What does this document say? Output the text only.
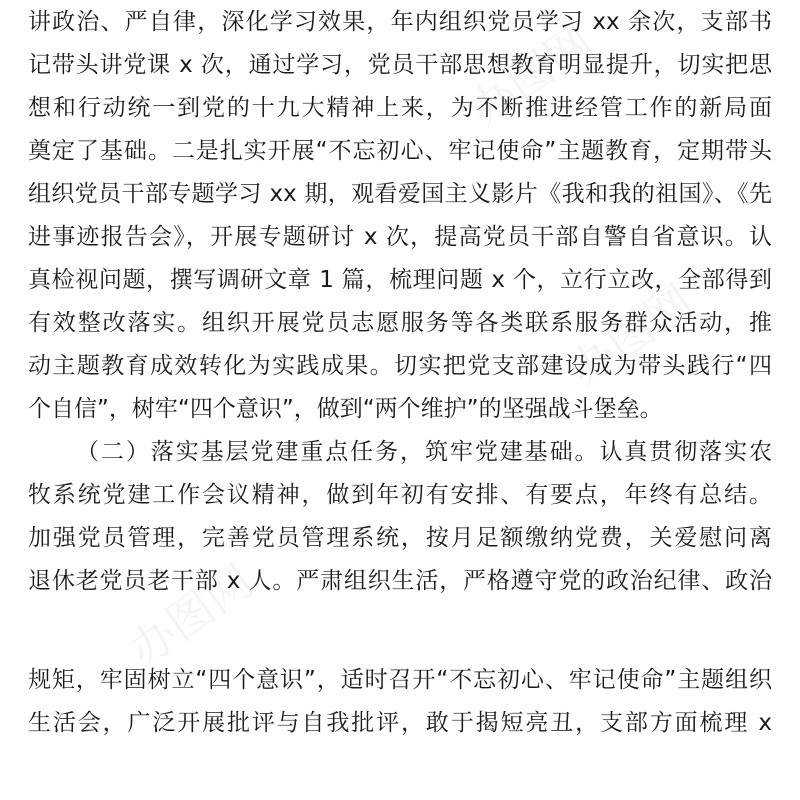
讲政治、严自律，深化学习效果，年内组织党员学习 xx 余次，支部书
记带头讲党课 x 次，通过学习，党员干部思想教育明显提升，切实把思
想和行动统一到党的十九大精神上来，为不断推进经管工作的新局面
奠定了基础。二是扎实开展“不忘初心、牢记使命”主题教育，定期带头
组织党员干部专题学习 xx 期，观看爱国主义影片《我和我的祖国》、《先
进事迹报告会》，开展专题研讨 x 次，提高党员干部自警自省意识。认
真检视问题，撰写调研文章 1 篇，梳理问题 x 个，立行立改，全部得到
有效整改落实。组织开展党员志愿服务等各类联系服务群众活动，推
动主题教育成效转化为实践成果。切实把党支部建设成为带头践行“四
个自信”，树牢“四个意识”，做到“两个维护”的坚强战斗堡垒。
（二）落实基层党建重点任务，筑牢党建基础。认真贯彻落实农
牧系统党建工作会议精神，做到年初有安排、有要点，年终有总结。
加强党员管理，完善党员管理系统，按月足额缴纳党费，关爱慰问离
退休老党员老干部 x 人。严肃组织生活，严格遵守党的政治纪律、政治
规矩，牢固树立“四个意识”，适时召开“不忘初心、牢记使命”主题组织
生活会，广泛开展批评与自我批评，敢于揭短亮丑，支部方面梳理 x
